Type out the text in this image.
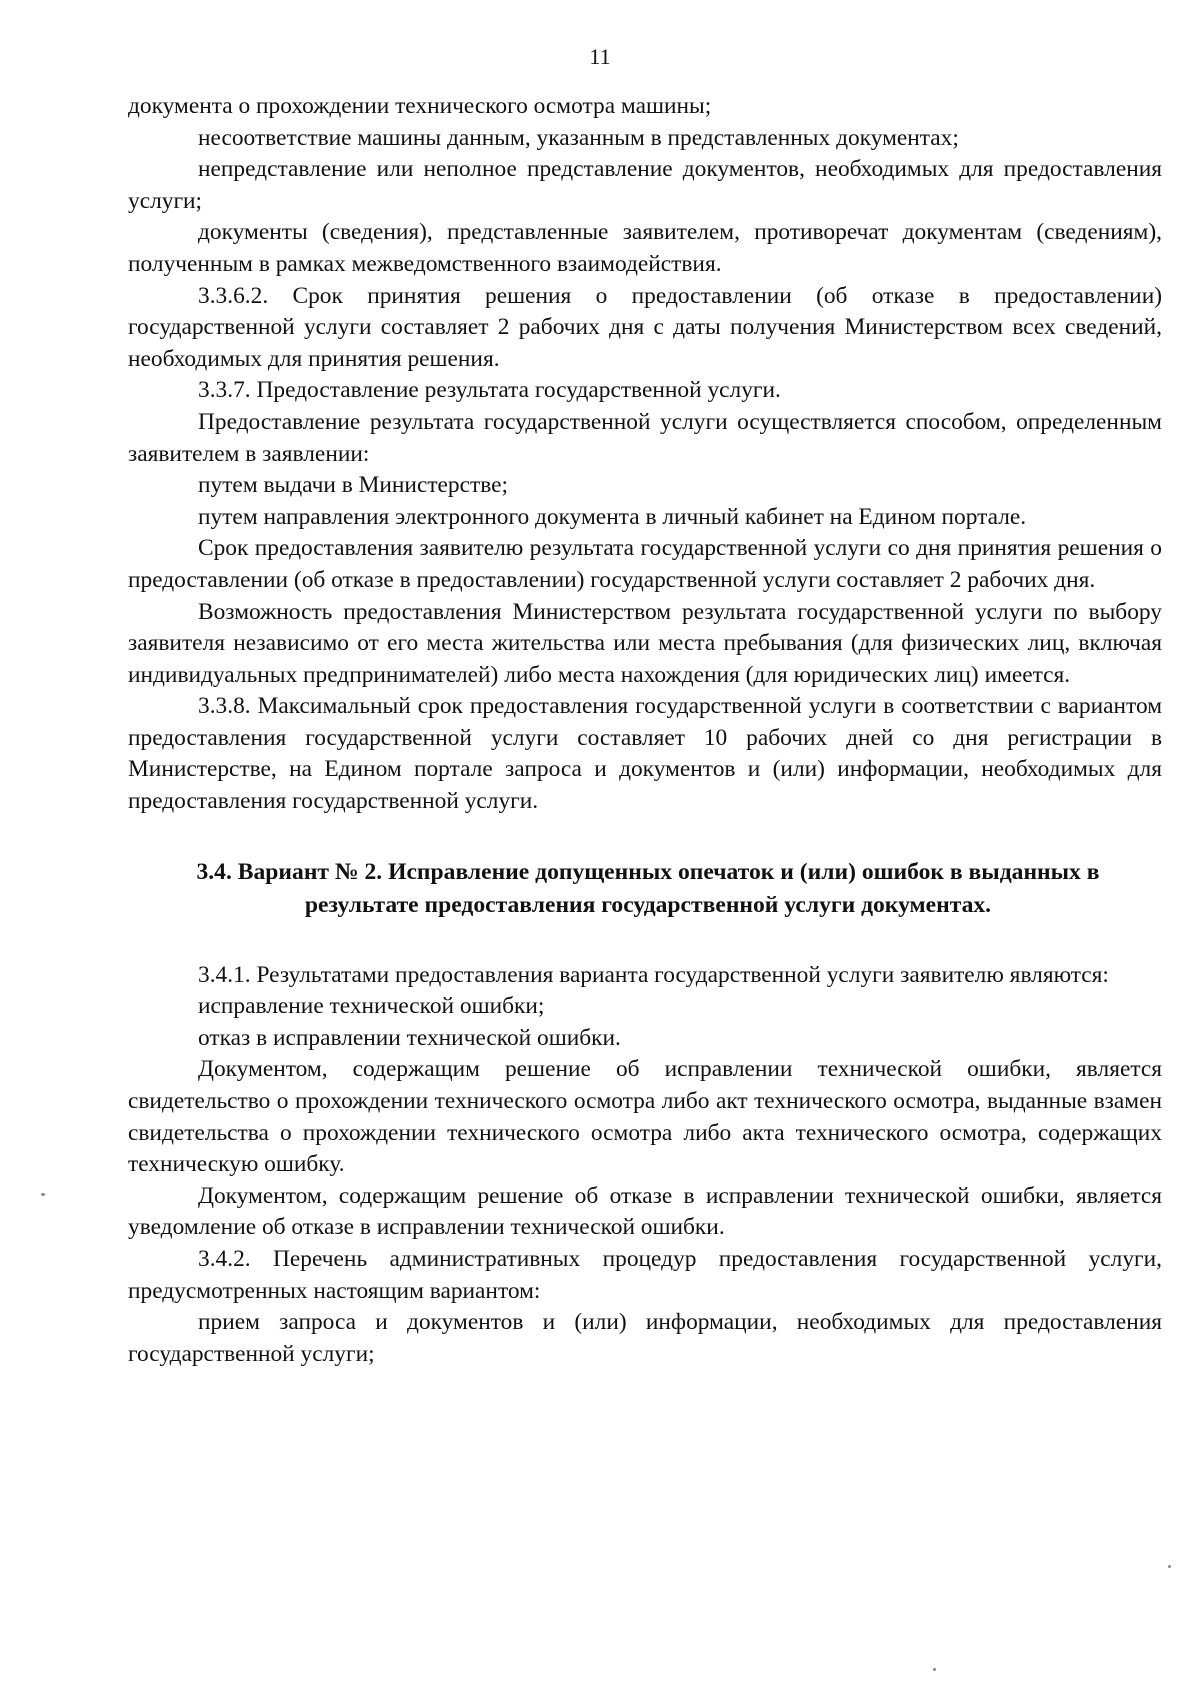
11

документа о прохождении технического осмотра машины;

несоответствие машины данным, указанным в представленных документах;

непредставление или неполное представление документов, необходимых для предоставления услуги;

документы (сведения), представленные заявителем, противоречат документам (сведениям), полученным в рамках межведомственного взаимодействия.

3.3.6.2. Срок принятия решения о предоставлении (об отказе в предоставлении) государственной услуги составляет 2 рабочих дня с даты получения Министерством всех сведений, необходимых для принятия решения.

3.3.7. Предоставление результата государственной услуги.

Предоставление результата государственной услуги осуществляется способом, определенным заявителем в заявлении:

путем выдачи в Министерстве;

путем направления электронного документа в личный кабинет на Едином портале.

Срок предоставления заявителю результата государственной услуги со дня принятия решения о предоставлении (об отказе в предоставлении) государственной услуги составляет 2 рабочих дня.

Возможность предоставления Министерством результата государственной услуги по выбору заявителя независимо от его места жительства или места пребывания (для физических лиц, включая индивидуальных предпринимателей) либо места нахождения (для юридических лиц) имеется.

3.3.8. Максимальный срок предоставления государственной услуги в соответствии с вариантом предоставления государственной услуги составляет 10 рабочих дней со дня регистрации в Министерстве, на Едином портале запроса и документов и (или) информации, необходимых для предоставления государственной услуги.

3.4. Вариант № 2. Исправление допущенных опечаток и (или) ошибок в выданных в результате предоставления государственной услуги документах.

3.4.1. Результатами предоставления варианта государственной услуги заявителю являются:

исправление технической ошибки;

отказ в исправлении технической ошибки.

Документом, содержащим решение об исправлении технической ошибки, является свидетельство о прохождении технического осмотра либо акт технического осмотра, выданные взамен свидетельства о прохождении технического осмотра либо акта технического осмотра, содержащих техническую ошибку.

Документом, содержащим решение об отказе в исправлении технической ошибки, является уведомление об отказе в исправлении технической ошибки.

3.4.2. Перечень административных процедур предоставления государственной услуги, предусмотренных настоящим вариантом:

прием запроса и документов и (или) информации, необходимых для предоставления государственной услуги;
